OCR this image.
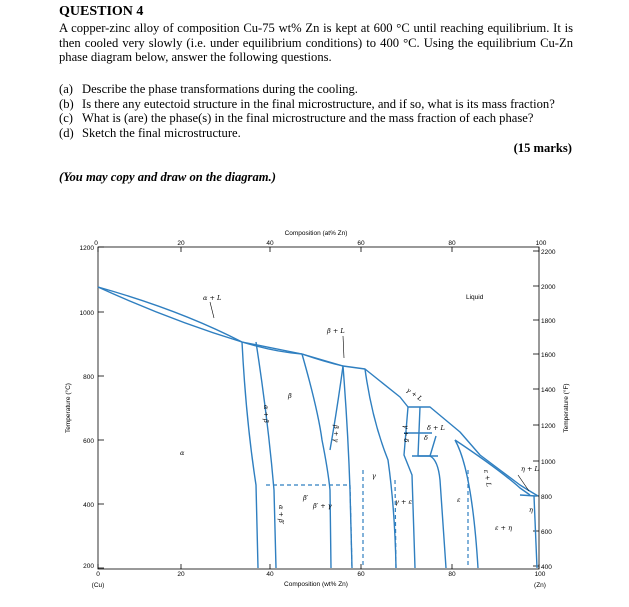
QUESTION 4
A copper-zinc alloy of composition Cu-75 wt% Zn is kept at 600 °C until reaching equilibrium. It is then cooled very slowly (i.e. under equilibrium conditions) to 400 °C. Using the equilibrium Cu-Zn phase diagram below, answer the following questions.
(a) Describe the phase transformations during the cooling.
(b) Is there any eutectoid structure in the final microstructure, and if so, what is its mass fraction?
(c) What is (are) the phase(s) in the final microstructure and the mass fraction of each phase?
(d) Sketch the final microstructure.
(15 marks)
(You may copy and draw on the diagram.)
Composition (at% Zn)
Composition (wt% Zn)
Temperature (°C)	Temperature (°F)
0	20	40	60	80	100
0	20	40	60	80	100
(Cu)	(Zn)
1200
1000
800
600
400
200
2200
2000
1800
1600
1400
1200
1000
800
600
400
Liquid
α + L
β + L
γ + L
δ + L
ε + L	η + L
α
β
β′
γ
δ
ε
η
α + β
α + β′
β + γ
β′ + γ
γ + δ
γ + ε
ε + η
